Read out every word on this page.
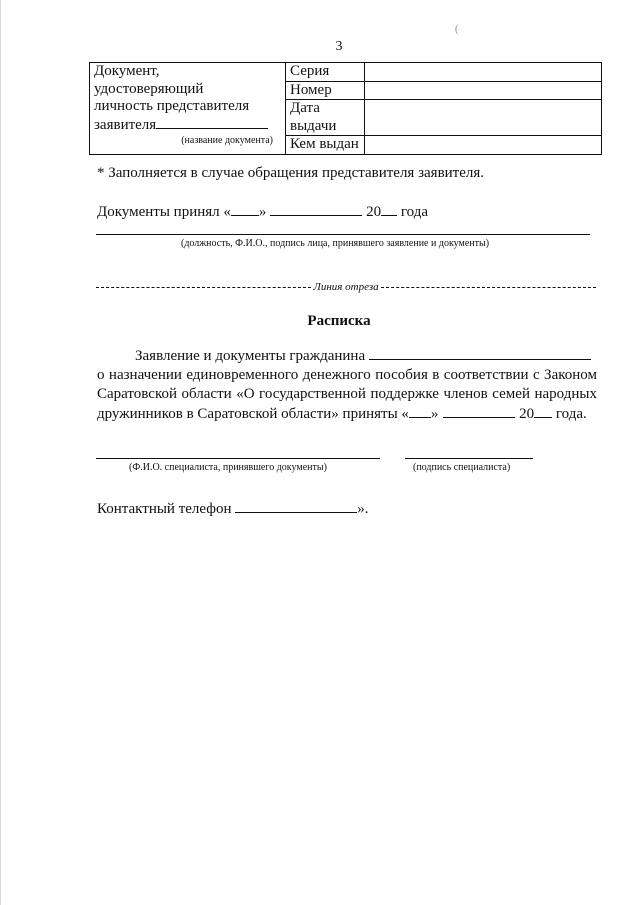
(
3
Документ,
удостоверяющий
личность представителя
заявителя
(название документа)	Серия	
	Номер	
	Дата выдачи	
	Кем выдан	
* Заполняется в случае обращения представителя заявителя.
Документы принял « »	20 года
(должность, Ф.И.О., подпись лица, принявшего заявление и документы)
Линия отреза
Расписка
Заявление и документы гражданина
о назначении единовременного денежного пособия в соответствии с Законом
Саратовской области «О государственной поддержке членов семей народных
дружинников в Саратовской области» приняты « »	20 года.
(Ф.И.О. специалиста, принявшего документы)	(подпись специалиста)
Контактный телефон	».
